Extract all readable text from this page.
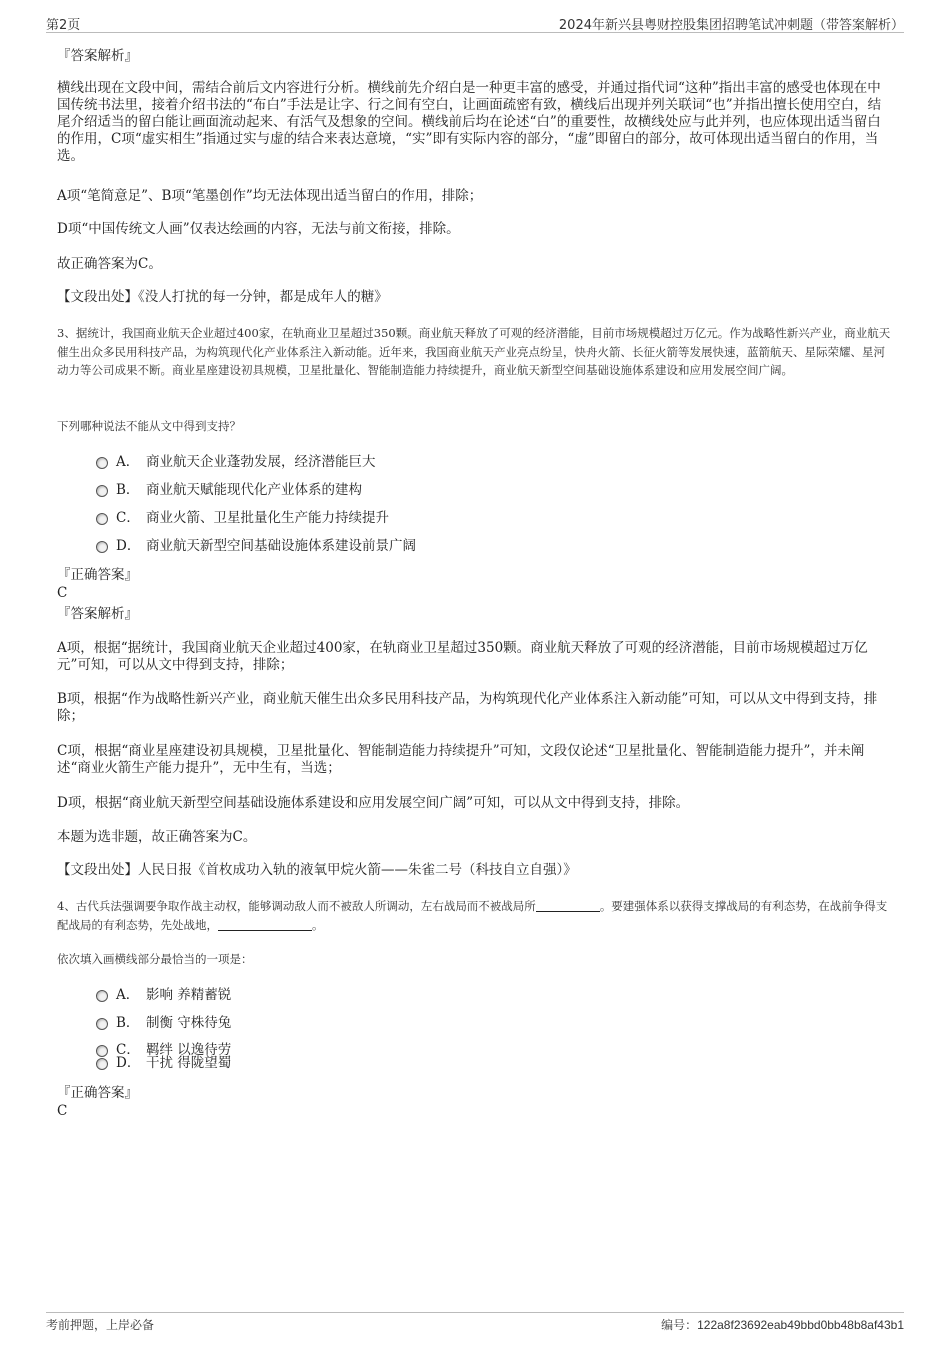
第2页	2024年新兴县粤财控股集团招聘笔试冲刺题（带答案解析）
『答案解析』
横线出现在文段中间，需结合前后文内容进行分析。横线前先介绍白是一种更丰富的感受，并通过指代词“这种”指出丰富的感受也体现在中国传统书法里，接着介绍书法的“布白”手法是让字、行之间有空白，让画面疏密有致，横线后出现并列关联词“也”并指出擅长使用空白，结尾介绍适当的留白能让画面流动起来、有活气及想象的空间。横线前后均在论述“白”的重要性，故横线处应与此并列，也应体现出适当留白的作用，C项“虚实相生”指通过实与虚的结合来表达意境，“实”即有实际内容的部分，“虚”即留白的部分，故可体现出适当留白的作用，当选。
A项“笔简意足”、B项“笔墨创作”均无法体现出适当留白的作用，排除；
D项“中国传统文人画”仅表达绘画的内容，无法与前文衔接，排除。
故正确答案为C。
【文段出处】《没人打扰的每一分钟，都是成年人的糖》
3、据统计，我国商业航天企业超过400家，在轨商业卫星超过350颗。商业航天释放了可观的经济潜能，目前市场规模超过万亿元。作为战略性新兴产业，商业航天催生出众多民用科技产品，为构筑现代化产业体系注入新动能。近年来，我国商业航天产业亮点纷呈，快舟火箭、长征火箭等发展快速，蓝箭航天、星际荣耀、星河动力等公司成果不断。商业星座建设初具规模，卫星批量化、智能制造能力持续提升，商业航天新型空间基础设施体系建设和应用发展空间广阔。
下列哪种说法不能从文中得到支持？
A． 商业航天企业蓬勃发展，经济潜能巨大
B． 商业航天赋能现代化产业体系的建构
C． 商业火箭、卫星批量化生产能力持续提升
D． 商业航天新型空间基础设施体系建设前景广阔
『正确答案』
C
『答案解析』
A项，根据“据统计，我国商业航天企业超过400家，在轨商业卫星超过350颗。商业航天释放了可观的经济潜能，目前市场规模超过万亿元”可知，可以从文中得到支持，排除；
B项，根据“作为战略性新兴产业，商业航天催生出众多民用科技产品，为构筑现代化产业体系注入新动能”可知，可以从文中得到支持，排除；
C项，根据“商业星座建设初具规模，卫星批量化、智能制造能力持续提升”可知，文段仅论述“卫星批量化、智能制造能力提升”，并未阐述“商业火箭生产能力提升”，无中生有，当选；
D项，根据“商业航天新型空间基础设施体系建设和应用发展空间广阔”可知，可以从文中得到支持，排除。
本题为选非题，故正确答案为C。
【文段出处】人民日报《首枚成功入轨的液氧甲烷火箭——朱雀二号（科技自立自强）》
4、古代兵法强调要争取作战主动权，能够调动敌人而不被敌人所调动，左右战局而不被战局所	。要建强体系以获得支撑战局的有利态势，在战前争得支配战局的有利态势，先处战地，	。
依次填入画横线部分最恰当的一项是：
A． 影响 养精蓄锐
B． 制衡 守株待兔
C． 羁绊 以逸待劳
D． 干扰 得陇望蜀
『正确答案』
C
考前押题，上岸必备	编号：122a8f23692eab49bbd0bb48b8af43b1
